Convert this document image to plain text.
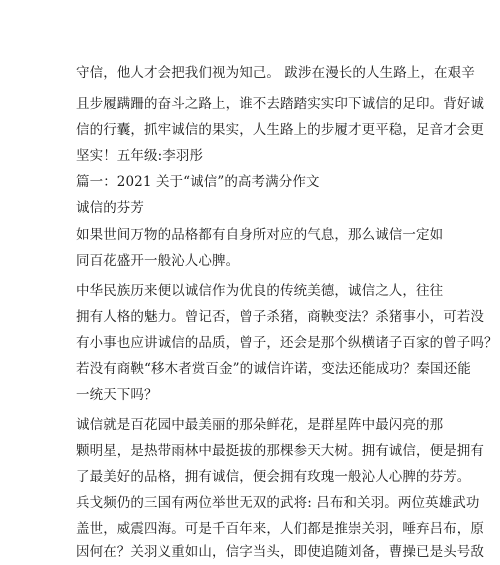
守信，他人才会把我们视为知己。 跋涉在漫长的人生路上，在艰辛
且步履蹒跚的奋斗之路上，谁不去踏踏实实印下诚信的足印。背好诚
信的行囊，抓牢诚信的果实，人生路上的步履才更平稳，足音才会更
坚实！五年级:李羽彤
篇一：2021 关于“诚信”的高考满分作文
诚信的芬芳
如果世间万物的品格都有自身所对应的气息，那么诚信一定如
同百花盛开一般沁人心脾。
中华民族历来便以诚信作为优良的传统美德，诚信之人，往往
拥有人格的魅力。曾记否，曾子杀猪，商鞅变法？杀猪事小，可若没
有小事也应讲诚信的品质，曾子，还会是那个纵横诸子百家的曾子吗？
若没有商鞅“移木者赏百金”的诚信许诺，变法还能成功？秦国还能
一统天下吗？
诚信就是百花园中最美丽的那朵鲜花，是群星阵中最闪亮的那
颗明星，是热带雨林中最挺拔的那棵参天大树。拥有诚信，便是拥有
了最美好的品格，拥有诚信，便会拥有玫瑰一般沁人心脾的芬芳。
兵戈频仍的三国有两位举世无双的武将: 吕布和关羽。两位英雄武功
盖世，威震四海。可是千百年来，人们都是推崇关羽，唾弃吕布，原
因何在？关羽义重如山，信字当头，即使追随刘备，曹操已是头号敌
